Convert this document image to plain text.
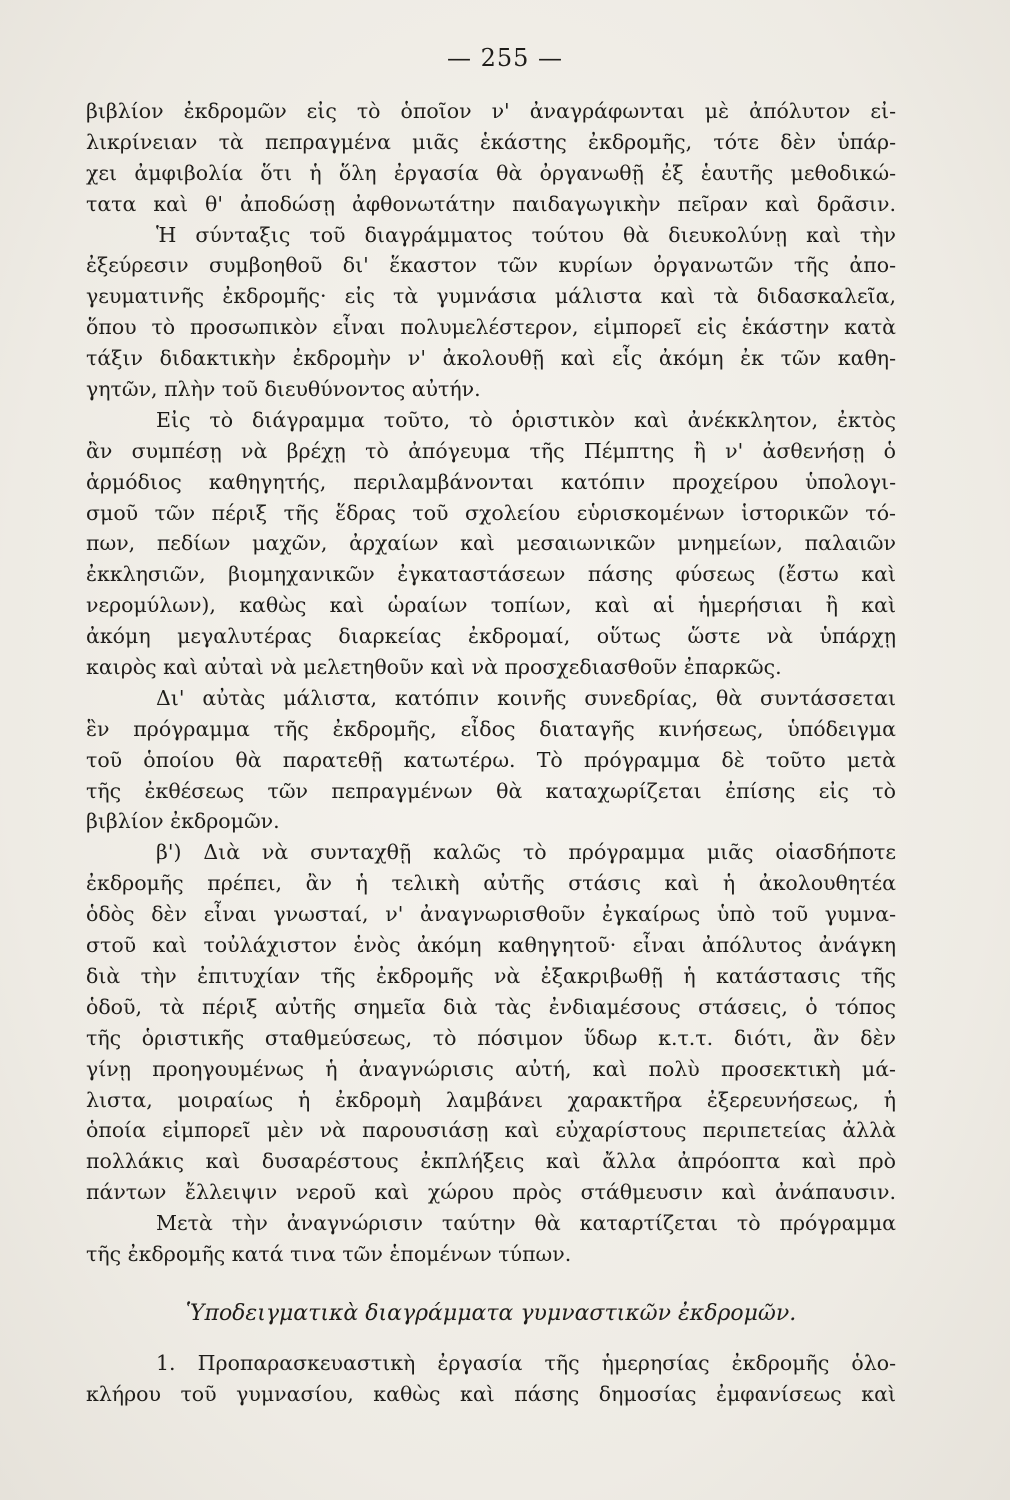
— 255 —
βιβλίον ἐκδρομῶν εἰς τὸ ὁποῖον ν' ἀναγράφωνται μὲ ἀπόλυτον εἰ-
λικρίνειαν τὰ πεπραγμένα μιᾶς ἑκάστης ἐκδρομῆς, τότε δὲν ὑπάρ-
χει ἀμφιβολία ὅτι ἡ ὅλη ἐργασία θὰ ὀργανωθῇ ἐξ ἑαυτῆς μεθοδικώ-
τατα καὶ θ' ἀποδώσῃ ἀφθονωτάτην παιδαγωγικὴν πεῖραν καὶ δρᾶσιν.
Ἡ σύνταξις τοῦ διαγράμματος τούτου θὰ διευκολύνῃ καὶ τὴν
ἐξεύρεσιν συμβοηθοῦ δι' ἕκαστον τῶν κυρίων ὀργανωτῶν τῆς ἀπο-
γευματινῆς ἐκδρομῆς· εἰς τὰ γυμνάσια μάλιστα καὶ τὰ διδασκαλεῖα,
ὅπου τὸ προσωπικὸν εἶναι πολυμελέστερον, εἰμπορεῖ εἰς ἑκάστην κατὰ
τάξιν διδακτικὴν ἐκδρομὴν ν' ἀκολουθῇ καὶ εἷς ἀκόμη ἐκ τῶν καθη-
γητῶν, πλὴν τοῦ διευθύνοντος αὐτήν.
Εἰς τὸ διάγραμμα τοῦτο, τὸ ὁριστικὸν καὶ ἀνέκκλητον, ἐκτὸς
ἂν συμπέσῃ νὰ βρέχῃ τὸ ἀπόγευμα τῆς Πέμπτης ἢ ν' ἀσθενήσῃ ὁ
ἁρμόδιος καθηγητής, περιλαμβάνονται κατόπιν προχείρου ὑπολογι-
σμοῦ τῶν πέριξ τῆς ἕδρας τοῦ σχολείου εὑρισκομένων ἱστορικῶν τό-
πων, πεδίων μαχῶν, ἀρχαίων καὶ μεσαιωνικῶν μνημείων, παλαιῶν
ἐκκλησιῶν, βιομηχανικῶν ἐγκαταστάσεων πάσης φύσεως (ἔστω καὶ
νερομύλων), καθὼς καὶ ὡραίων τοπίων, καὶ αἱ ἡμερήσιαι ἢ καὶ
ἀκόμη μεγαλυτέρας διαρκείας ἐκδρομαί, οὕτως ὥστε νὰ ὑπάρχῃ
καιρὸς καὶ αὐταὶ νὰ μελετηθοῦν καὶ νὰ προσχεδιασθοῦν ἐπαρκῶς.
Δι' αὐτὰς μάλιστα, κατόπιν κοινῆς συνεδρίας, θὰ συντάσσεται
ἓν πρόγραμμα τῆς ἐκδρομῆς, εἶδος διαταγῆς κινήσεως, ὑπόδειγμα
τοῦ ὁποίου θὰ παρατεθῇ κατωτέρω. Τὸ πρόγραμμα δὲ τοῦτο μετὰ
τῆς ἐκθέσεως τῶν πεπραγμένων θὰ καταχωρίζεται ἐπίσης εἰς τὸ
βιβλίον ἐκδρομῶν.
β') Διὰ νὰ συνταχθῇ καλῶς τὸ πρόγραμμα μιᾶς οἱασδήποτε
ἐκδρομῆς πρέπει, ἂν ἡ τελικὴ αὐτῆς στάσις καὶ ἡ ἀκολουθητέα
ὁδὸς δὲν εἶναι γνωσταί, ν' ἀναγνωρισθοῦν ἐγκαίρως ὑπὸ τοῦ γυμνα-
στοῦ καὶ τοὐλάχιστον ἑνὸς ἀκόμη καθηγητοῦ· εἶναι ἀπόλυτος ἀνάγκη
διὰ τὴν ἐπιτυχίαν τῆς ἐκδρομῆς νὰ ἐξακριβωθῇ ἡ κατάστασις τῆς
ὁδοῦ, τὰ πέριξ αὐτῆς σημεῖα διὰ τὰς ἐνδιαμέσους στάσεις, ὁ τόπος
τῆς ὁριστικῆς σταθμεύσεως, τὸ πόσιμον ὕδωρ κ.τ.τ. διότι, ἂν δὲν
γίνῃ προηγουμένως ἡ ἀναγνώρισις αὐτή, καὶ πολὺ προσεκτικὴ μά-
λιστα, μοιραίως ἡ ἐκδρομὴ λαμβάνει χαρακτῆρα ἐξερευνήσεως, ἡ
ὁποία εἰμπορεῖ μὲν νὰ παρουσιάσῃ καὶ εὐχαρίστους περιπετείας ἀλλὰ
πολλάκις καὶ δυσαρέστους ἐκπλήξεις καὶ ἄλλα ἀπρόοπτα καὶ πρὸ
πάντων ἔλλειψιν νεροῦ καὶ χώρου πρὸς στάθμευσιν καὶ ἀνάπαυσιν.
Μετὰ τὴν ἀναγνώρισιν ταύτην θὰ καταρτίζεται τὸ πρόγραμμα
τῆς ἐκδρομῆς κατά τινα τῶν ἑπομένων τύπων.
Ὑποδειγματικὰ διαγράμματα γυμναστικῶν ἐκδρομῶν.
1. Προπαρασκευαστικὴ ἐργασία τῆς ἡμερησίας ἐκδρομῆς ὁλο-
κλήρου τοῦ γυμνασίου, καθὼς καὶ πάσης δημοσίας ἐμφανίσεως καὶ
